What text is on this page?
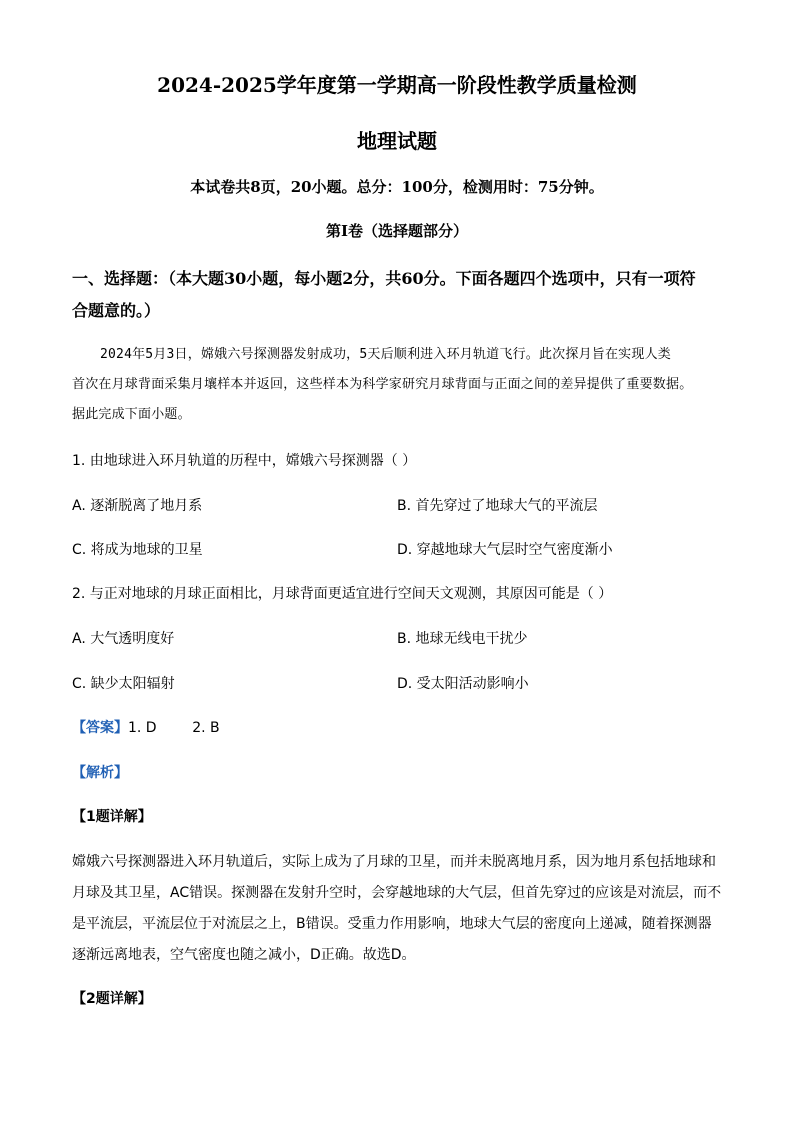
2024-2025学年度第一学期高一阶段性教学质量检测
地理试题
本试卷共8页，20小题。总分：100分，检测用时：75分钟。
第I卷（选择题部分）
一、选择题：（本大题30小题，每小题2分，共60分。下面各题四个选项中，只有一项符
合题意的。）

2024年5月3日，嫦娥六号探测器发射成功，5天后顺利进入环月轨道飞行。此次探月旨在实现人类

首次在月球背面采集月壤样本并返回，这些样本为科学家研究月球背面与正面之间的差异提供了重要数据。

据此完成下面小题。

1. 由地球进入环月轨道的历程中，嫦娥六号探测器（ ）
A. 逐渐脱离了地月系	B. 首先穿过了地球大气的平流层
C. 将成为地球的卫星	D. 穿越地球大气层时空气密度渐小
2. 与正对地球的月球正面相比，月球背面更适宜进行空间天文观测，其原因可能是（ ）
A. 大气透明度好	B. 地球无线电干扰少
C. 缺少太阳辐射	D. 受太阳活动影响小
【答案】1. D        2. B
【解析】
【1题详解】

嫦娥六号探测器进入环月轨道后，实际上成为了月球的卫星，而并未脱离地月系，因为地月系包括地球和

月球及其卫星，AC错误。探测器在发射升空时，会穿越地球的大气层，但首先穿过的应该是对流层，而不

是平流层，平流层位于对流层之上，B错误。受重力作用影响，地球大气层的密度向上递减，随着探测器

逐渐远离地表，空气密度也随之减小，D正确。故选D。

【2题详解】
